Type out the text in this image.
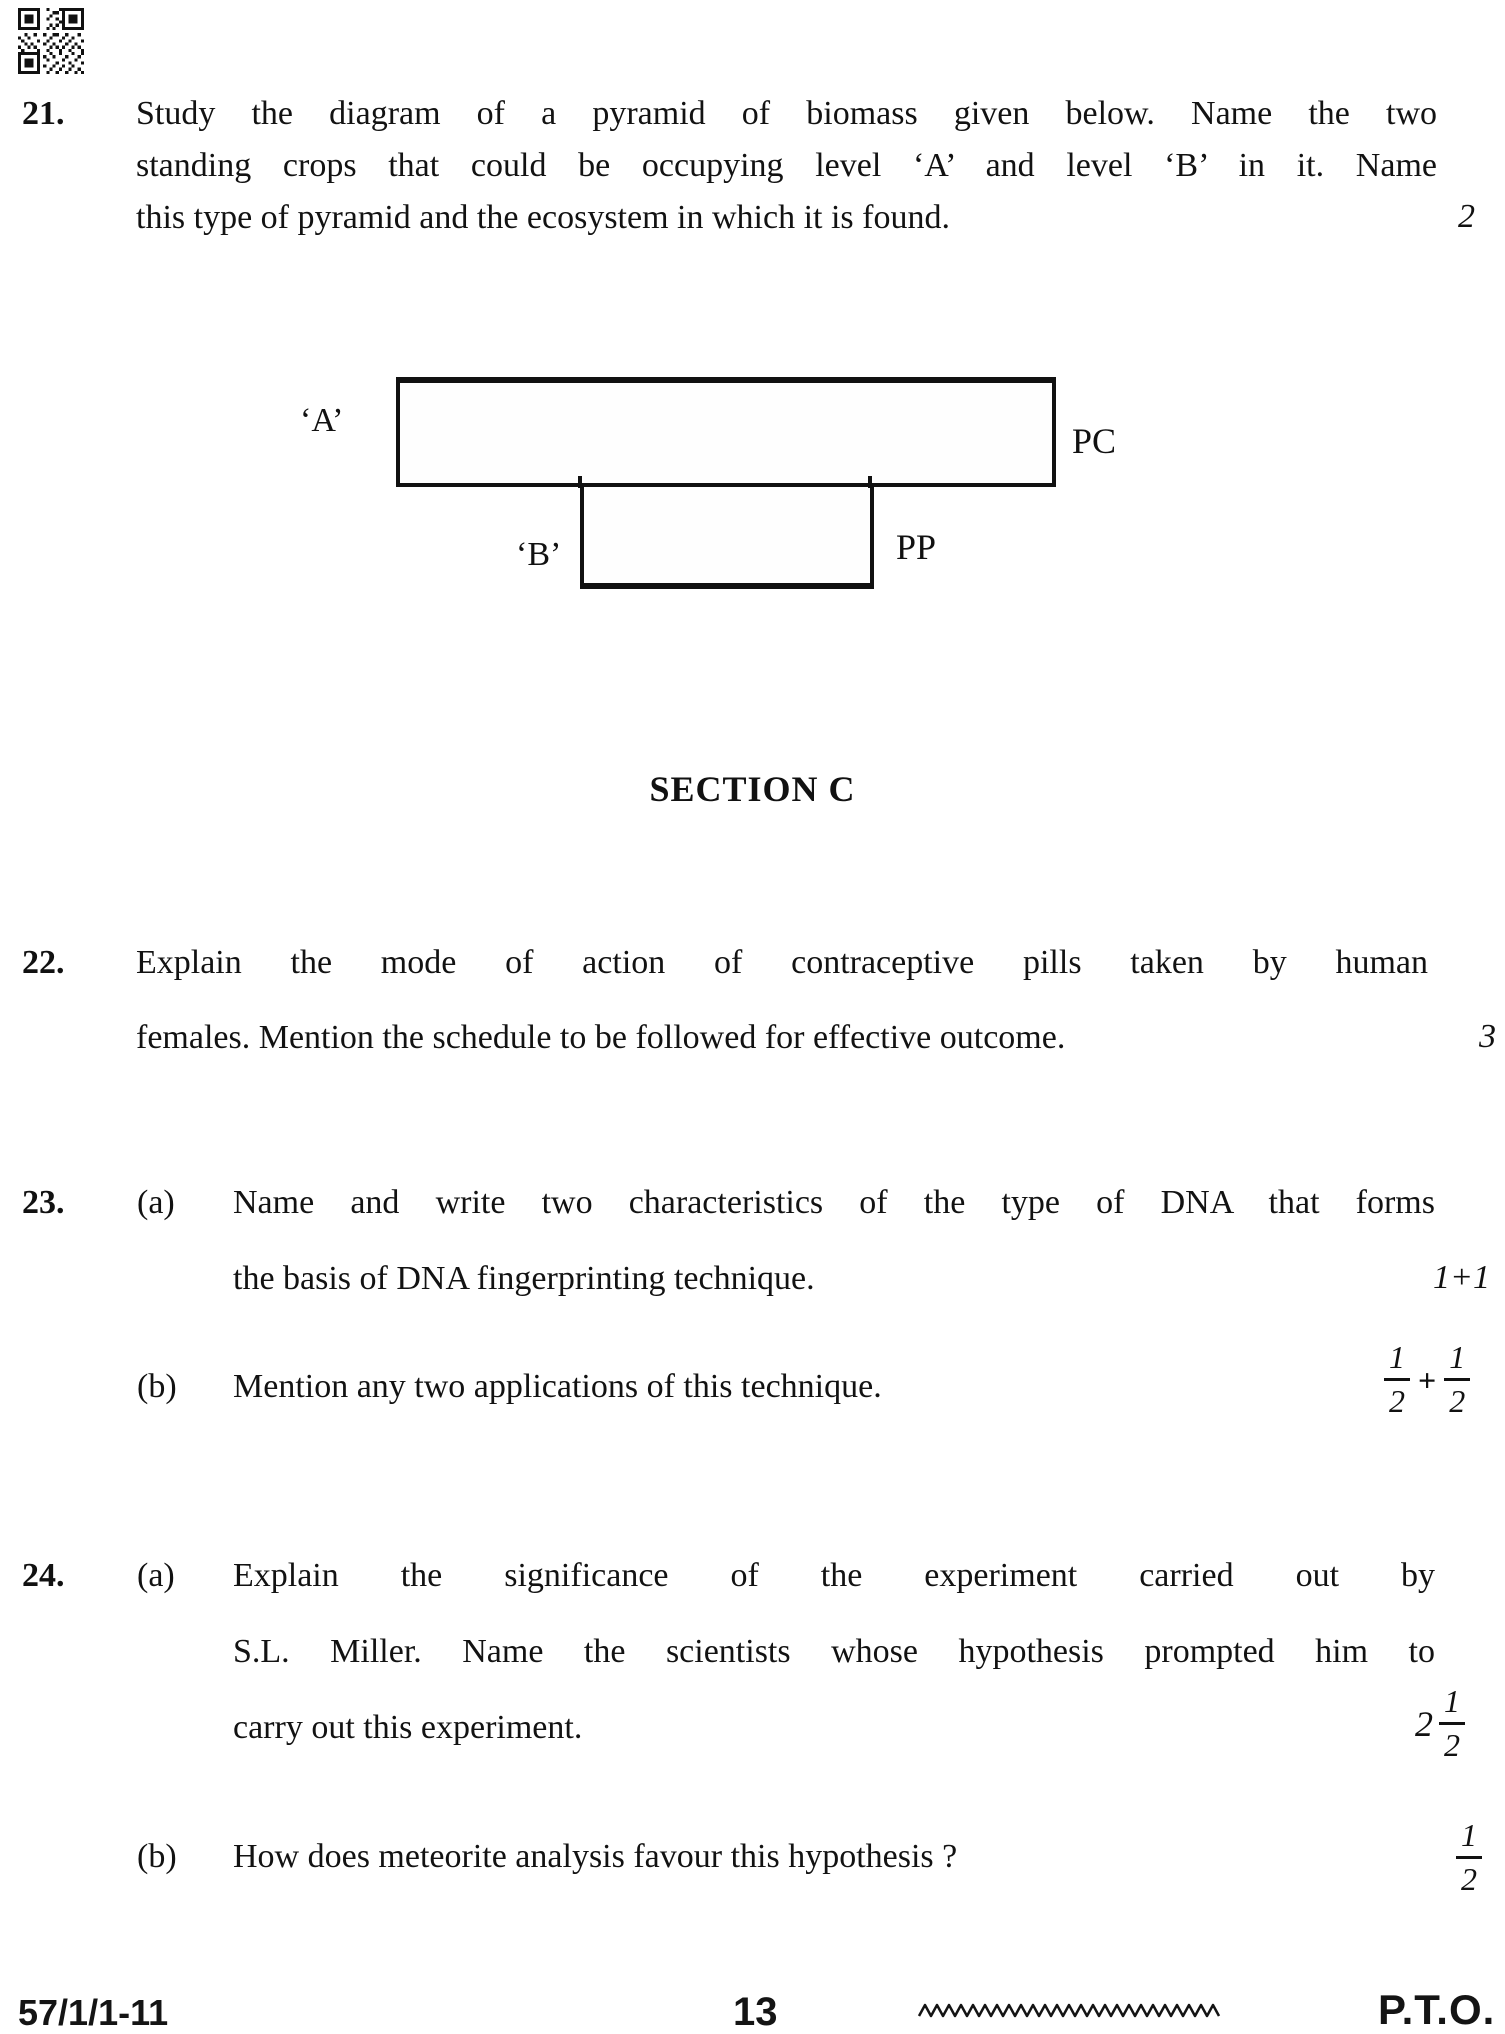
21. Study the diagram of a pyramid of biomass given below. Name the two
standing crops that could be occupying level ‘A’ and level ‘B’ in it. Name
this type of pyramid and the ecosystem in which it is found.	2
‘A’
PC
‘B’	PP
SECTION C
22. Explain the mode of action of contraceptive pills taken by human
females. Mention the schedule to be followed for effective outcome.	3
23. (a) Name and write two characteristics of the type of DNA that forms
the basis of DNA fingerprinting technique.	1+1
(b) Mention any two applications of this technique.	$\frac{1}{2} + \frac{1}{2}$
24. (a) Explain the significance of the experiment carried out by
S.L. Miller. Name the scientists whose hypothesis prompted him to
carry out this experiment.	$2 \frac{1}{2}$
(b) How does meteorite analysis favour this hypothesis ?	$\frac{1}{2}$
57/1/1-11	13	P.T.O.
